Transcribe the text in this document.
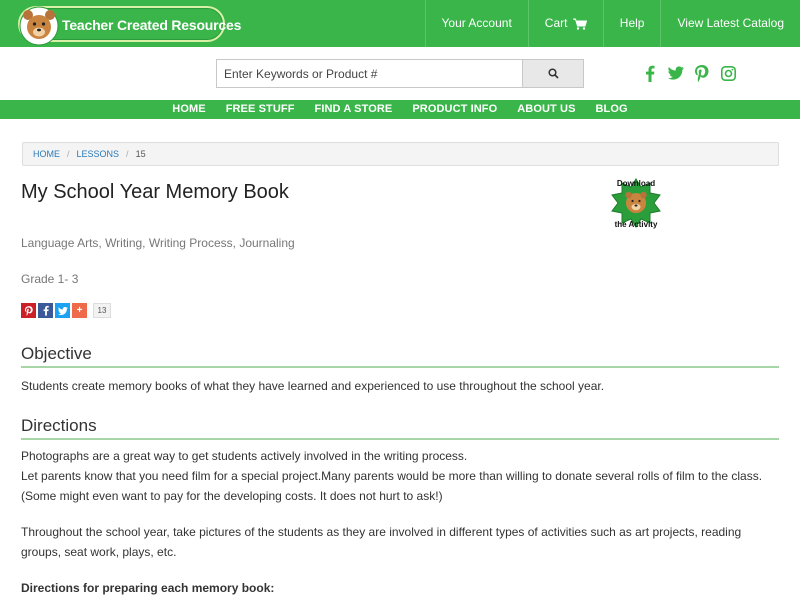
Teacher Created Resources	Your Account	Cart	Help	View Latest Catalog
Enter Keywords or Product #
HOME	FREE STUFF	FIND A STORE	PRODUCT INFO	ABOUT US	BLOG
HOME / LESSONS / 15
My School Year Memory Book	Download
the Activity
Language Arts, Writing, Writing Process, Journaling
Grade 1- 3
+	13
Objective

Students create memory books of what they have learned and experienced to use throughout the school year.

Directions

Photographs are a great way to get students actively involved in the writing process.

Let parents know that you need film for a special project.Many parents would be more than willing to donate several rolls of film to the class.(Some might even want to pay for the developing costs. It does not hurt to ask!)

Throughout the school year, take pictures of the students as they are involved in different types of activities such as art projects, reading groups, seat work, plays, etc.

Directions for preparing each memory book:
